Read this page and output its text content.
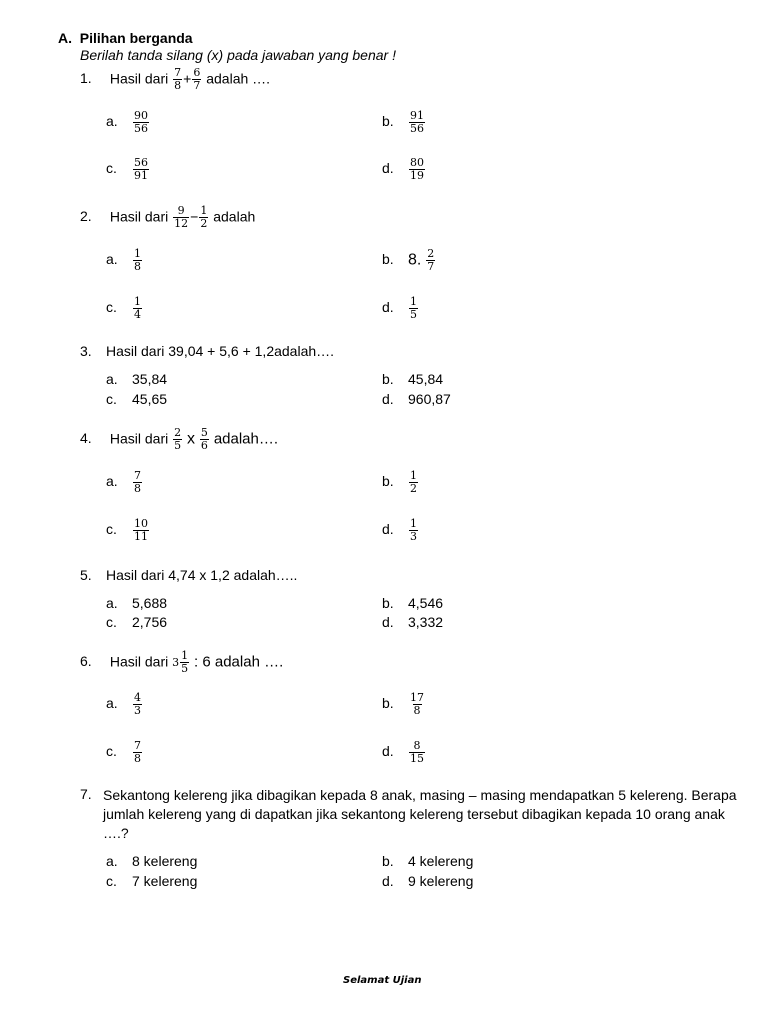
A. Pilihan berganda
Berilah tanda silang (x) pada jawaban yang benar !
1. Hasil dari $\frac{7}{8} + \frac{6}{7}$ adalah ….
a. $\frac{90}{56}$	b. $\frac{91}{56}$
c. $\frac{56}{91}$	d. $\frac{80}{19}$
2. Hasil dari $\frac{9}{12} - \frac{1}{2}$ adalah
a. $\frac{1}{8}$	b. 8. $\frac{2}{7}$
c. $\frac{1}{4}$	d. $\frac{1}{5}$
3. Hasil dari 39,04 + 5,6 + 1,2adalah….
a. 35,84	b. 45,84
c. 45,65	d. 960,87
4. Hasil dari $\frac{2}{5}$ x $\frac{5}{6}$ adalah….
a. $\frac{7}{8}$	b. $\frac{1}{2}$
c. $\frac{10}{11}$	d. $\frac{1}{3}$
5. Hasil dari 4,74 x 1,2 adalah…..
a. 5,688	b. 4,546
c. 2,756	d. 3,332
6. Hasil dari $3 \frac{1}{5}$ : 6 adalah ….
a. $\frac{4}{3}$	b. $\frac{17}{8}$
c. $\frac{7}{8}$	d. $\frac{8}{15}$
7. Sekantong kelereng jika dibagikan kepada 8 anak, masing – masing mendapatkan 5 kelereng. Berapa jumlah kelereng yang di dapatkan jika sekantong kelereng tersebut dibagikan kepada 10 orang anak ….?
a. 8 kelereng	b. 4 kelereng
c. 7 kelereng	d. 9 kelereng
Selamat Ujian
